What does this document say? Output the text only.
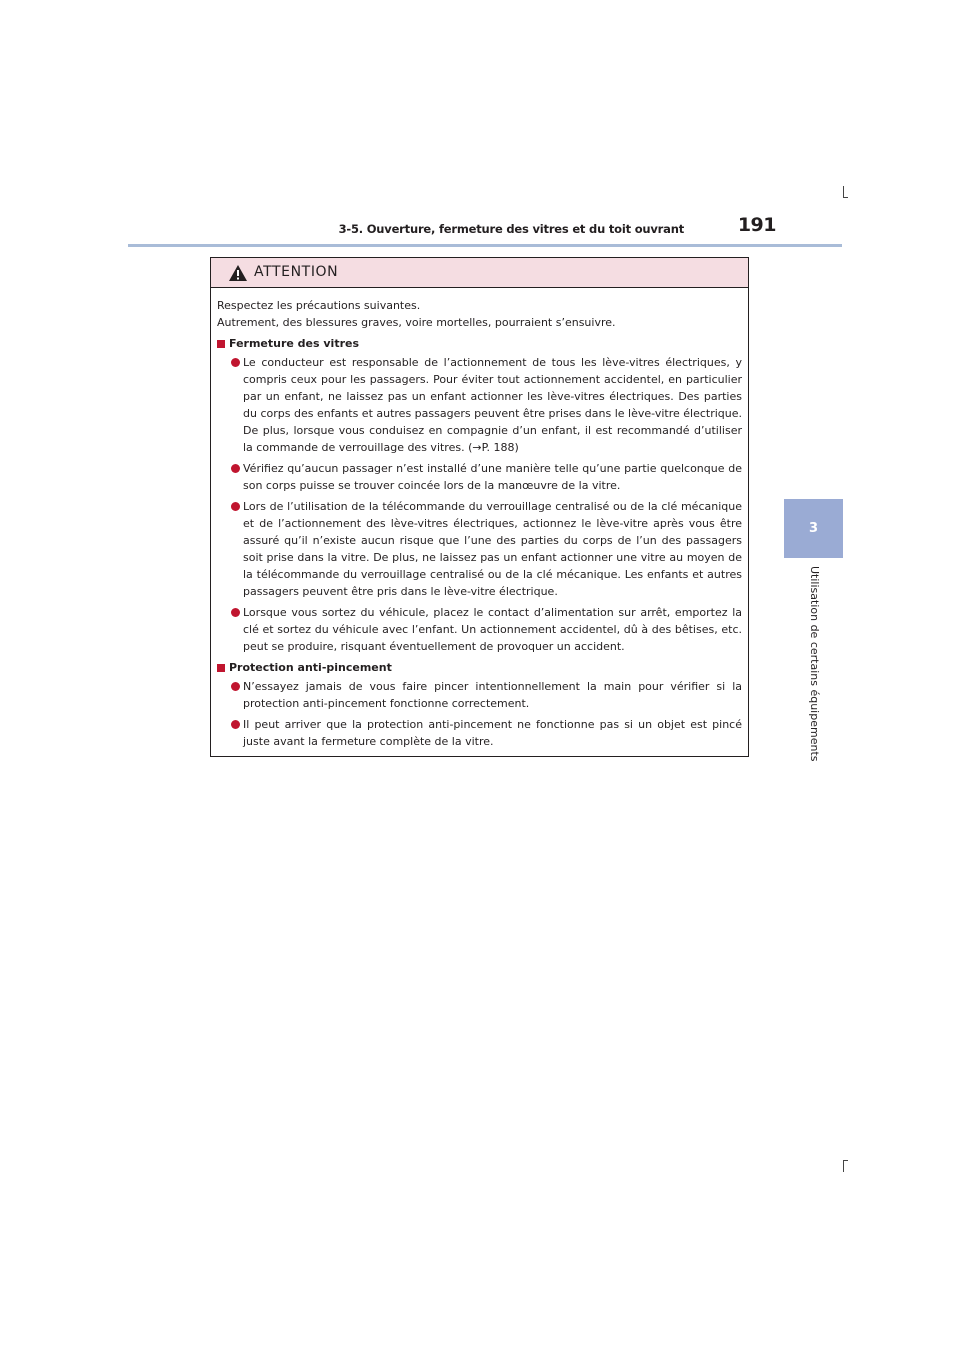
3-5. Ouverture, fermeture des vitres et du toit ouvrant	191
3
Utilisation de certains équipements
ATTENTION

Respectez les précautions suivantes.

Autrement, des blessures graves, voire mortelles, pourraient s’ensuivre.

Fermeture des vitres
Le conducteur est responsable de l’actionnement de tous les lève-vitres électriques, y compris ceux pour les passagers. Pour éviter tout actionnement accidentel, en particulier par un enfant, ne laissez pas un enfant actionner les lève-vitres électriques. Des parties du corps des enfants et autres passagers peuvent être prises dans le lève-vitre électrique. De plus, lorsque vous conduisez en compagnie d’un enfant, il est recommandé d’utiliser la commande de verrouillage des vitres. (→P. 188)
Vérifiez qu’aucun passager n’est installé d’une manière telle qu’une partie quelconque de son corps puisse se trouver coincée lors de la manœuvre de la vitre.
Lors de l’utilisation de la télécommande du verrouillage centralisé ou de la clé mécanique et de l’actionnement des lève-vitres électriques, actionnez le lève-vitre après vous être assuré qu’il n’existe aucun risque que l’une des parties du corps de l’un des passagers soit prise dans la vitre. De plus, ne laissez pas un enfant actionner une vitre au moyen de la télécommande du verrouillage centralisé ou de la clé mécanique. Les enfants et autres passagers peuvent être pris dans le lève-vitre électrique.
Lorsque vous sortez du véhicule, placez le contact d’alimentation sur arrêt, emportez la clé et sortez du véhicule avec l’enfant. Un actionnement accidentel, dû à des bêtises, etc. peut se produire, risquant éventuellement de provoquer un accident.
Protection anti-pincement
N’essayez jamais de vous faire pincer intentionnellement la main pour vérifier si la protection anti-pincement fonctionne correctement.
Il peut arriver que la protection anti-pincement ne fonctionne pas si un objet est pincé juste avant la fermeture complète de la vitre.
